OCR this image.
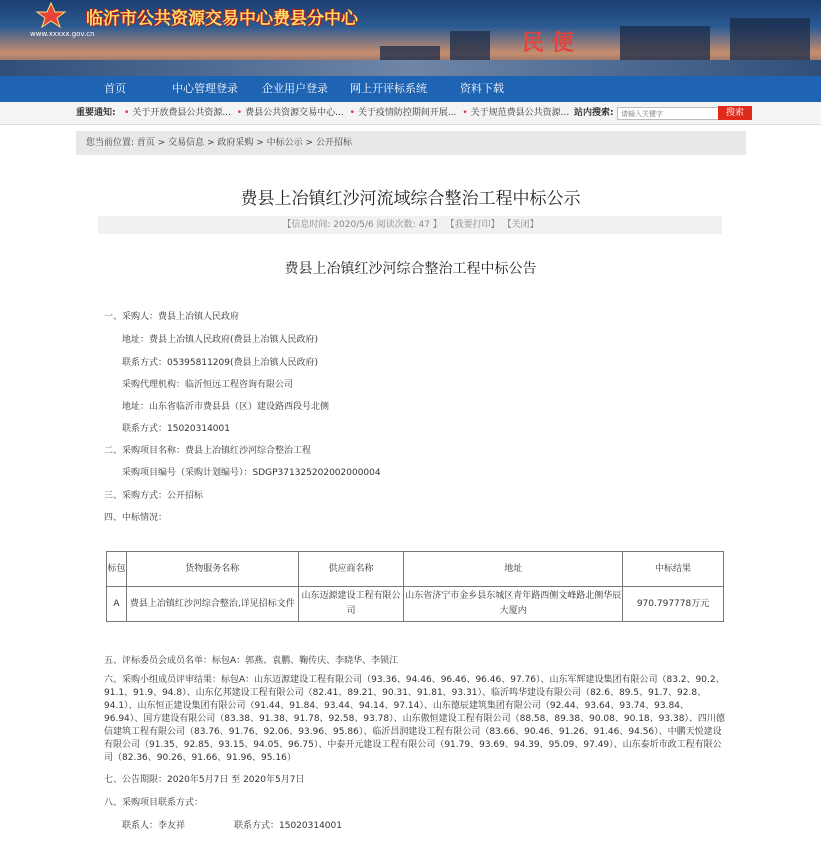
www.xxxxx.gov.cn
临沂市公共资源交易中心费县分中心
民 便
首页	中心管理登录 企业用户登录 网上开评标系统	资料下载
重要通知: • 关于开放费县公共资源... • 费县公共资源交易中心... • 关于疫情防控期间开展... • 关于规范费县公共资源... 站内搜索:
请输入关键字	搜索
您当前位置: 首页 > 交易信息 > 政府采购 > 中标公示 > 公开招标
费县上冶镇红沙河流域综合整治工程中标公示
【信息时间: 2020/5/6 阅读次数: 47 】 【我要打印】 【关闭】
费县上冶镇红沙河综合整治工程中标公告
一、采购人：费县上冶镇人民政府
地址：费县上冶镇人民政府(费县上冶镇人民政府)
联系方式：05395811209(费县上冶镇人民政府)
采购代理机构：临沂恒远工程咨询有限公司
地址：山东省临沂市费县县（区）建设路西段号北侧
联系方式：15020314001
二、采购项目名称：费县上冶镇红沙河综合整治工程
采购项目编号（采购计划编号）：SDGP371325202002000004
三、采购方式：公开招标
四、中标情况：
标包	货物服务名称	供应商名称	地址	中标结果
A	费县上冶镇红沙河综合整治,详见招标文件	山东迈源建设工程有限公司	山东省济宁市金乡县东城区青年路西侧文峰路北侧华辰大厦内	970.797778万元
五、评标委员会成员名单：标包A：郭燕、袁鹏、鞠传庆、李晓华、李锁江
六、采购小组成员评审结果：标包A：山东迈源建设工程有限公司（93.36、94.46、96.46、96.46、97.76）、山东军辉建设集团有限公司（83.2、90.2、91.1、91.9、94.8）、山东亿邦建设工程有限公司（82.41、89.21、90.31、91.81、93.31）、临沂鸣华建设有限公司（82.6、89.5、91.7、92.8、94.1）、山东恒正建设集团有限公司（91.44、91.84、93.44、94.14、97.14）、山东德辰建筑集团有限公司（92.44、93.64、93.74、93.84、96.94）、国方建设有限公司（83.38、91.38、91.78、92.58、93.78）、山东傲恒建设工程有限公司（88.58、89.38、90.08、90.18、93.38）、四川德信建筑工程有限公司（83.76、91.76、92.06、93.96、95.86）、临沂昌润建设工程有限公司（83.66、90.46、91.26、91.46、94.56）、中鹏天悦建设有限公司（91.35、92.85、93.15、94.05、96.75）、中泰开元建设工程有限公司（91.79、93.69、94.39、95.09、97.49）、山东泰圻市政工程有限公司（82.36、90.26、91.66、91.96、95.16）
七、公告期限：2020年5月7日 至 2020年5月7日
八、采购项目联系方式：
联系人：李友祥	联系方式：15020314001
